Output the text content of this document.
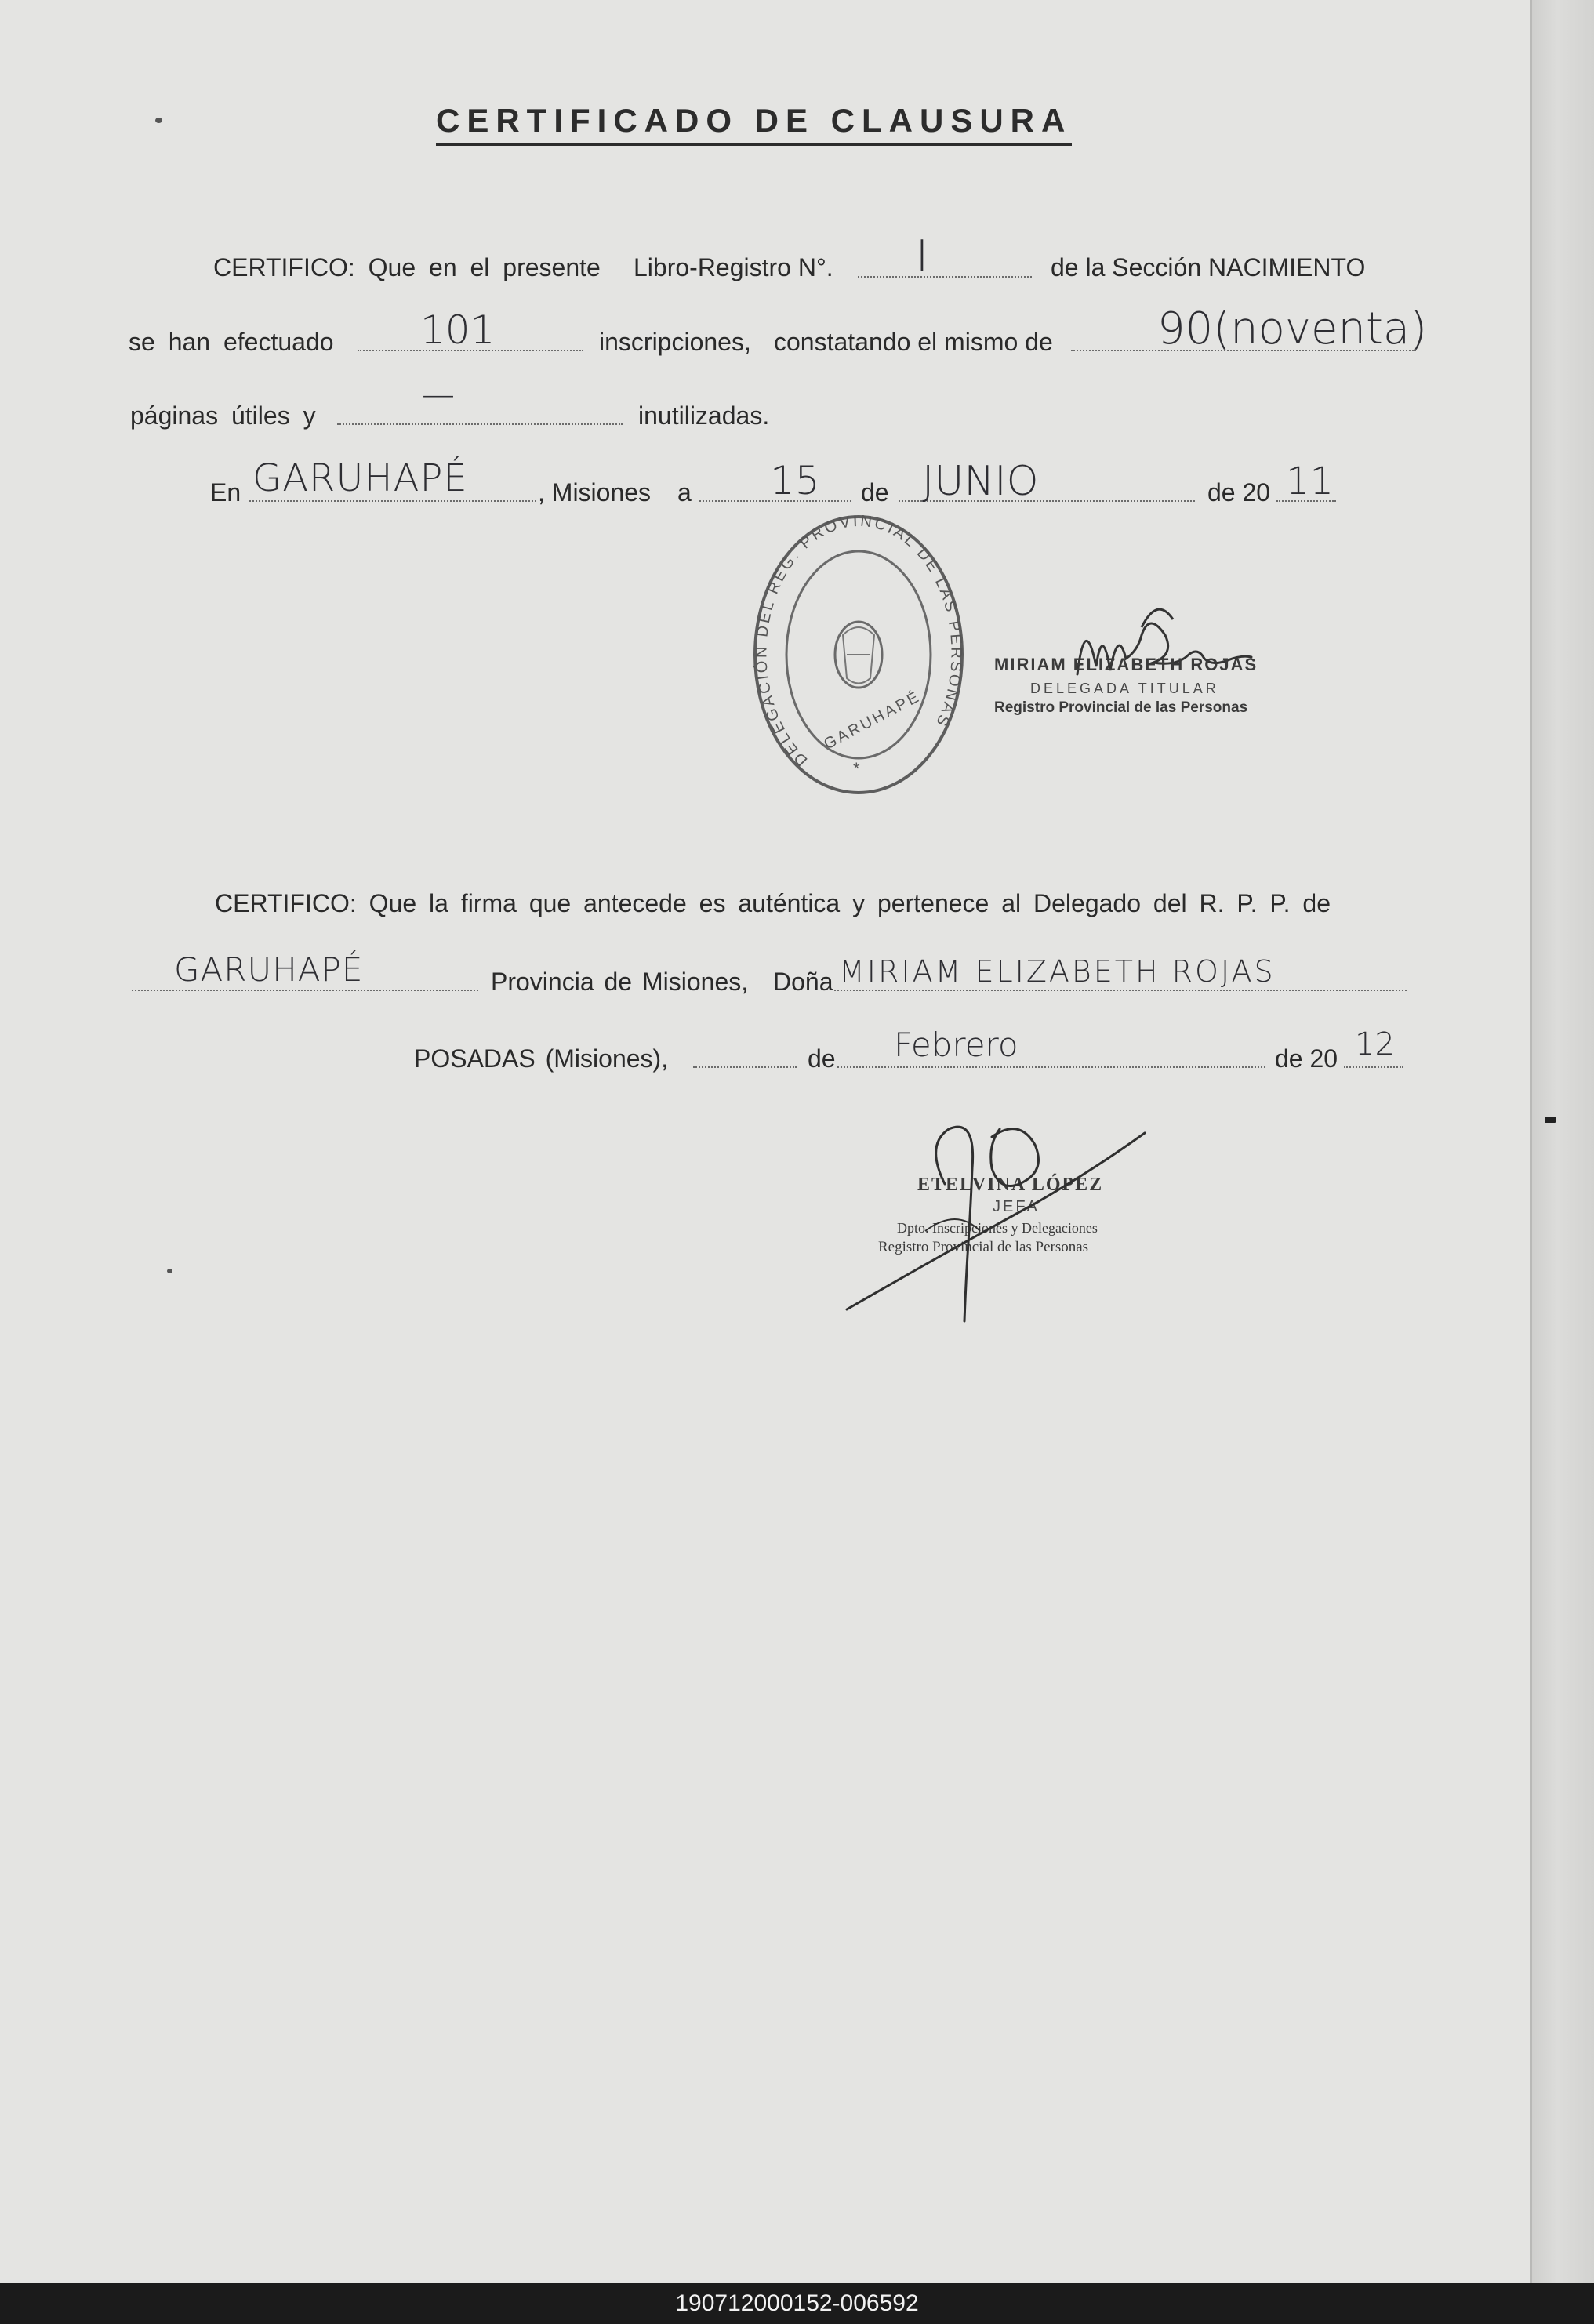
CERTIFICADO DE CLAUSURA
CERTIFICO: Que en el presente Libro-Registro N°. I	de la Sección NACIMIENTO
se han efectuado 101	inscripciones, constatando el mismo de 90(noventa)
páginas útiles y
—
inutilizadas.
En GARUHAPÉ	, Misiones a 15 de JUNIO	de 20 11
DELEGACIÓN DEL REG. PROVINCIAL DE LAS PERSONAS
GARUHAPÉ
*
MIRIAM ELIZABETH ROJAS
DELEGADA TITULAR
Registro Provincial de las Personas
CERTIFICO: Que la firma que antecede es auténtica y pertenece al Delegado del R. P. P. de
GARUHAPÉ	Provincia de Misiones, Doña MIRIAM ELIZABETH ROJAS
POSADAS (Misiones),	de Febrero	de 20 12
ETELVINA LÓPEZ
JEFA
Dpto. Inscripciones y Delegaciones
Registro Provincial de las Personas
190712000152-006592
